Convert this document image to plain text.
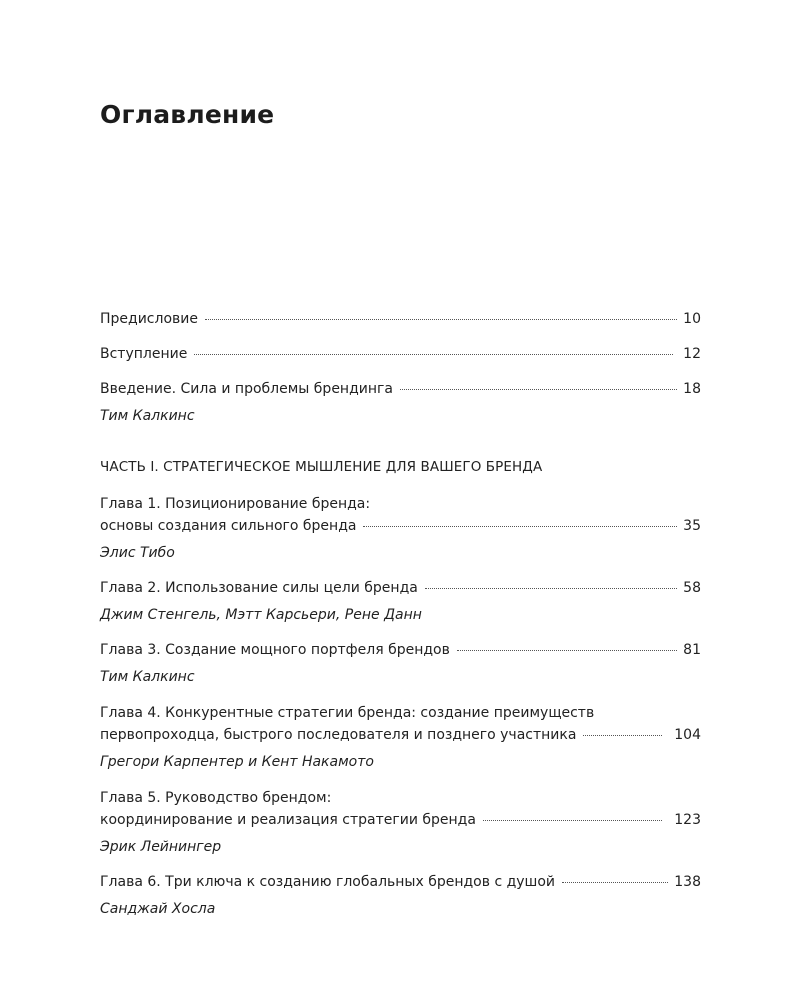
Оглавление
Предисловие	10
Вступление	12
Введение. Сила и проблемы брендинга	18
Тим Калкинс
ЧАСТЬ I. СТРАТЕГИЧЕСКОЕ МЫШЛЕНИЕ ДЛЯ ВАШЕГО БРЕНДА
Глава 1. Позиционирование бренда:
основы создания сильного бренда	35
Элис Тибо
Глава 2. Использование силы цели бренда	58
Джим Стенгель, Мэтт Карсьери, Рене Данн
Глава 3. Создание мощного портфеля брендов	81
Тим Калкинс
Глава 4. Конкурентные стратегии бренда: создание преимуществ
первопроходца, быстрого последователя и позднего участника	104
Грегори Карпентер и Кент Накамото
Глава 5. Руководство брендом:
координирование и реализация стратегии бренда	123
Эрик Лейнингер
Глава 6. Три ключа к созданию глобальных брендов с душой	138
Санджай Хосла
